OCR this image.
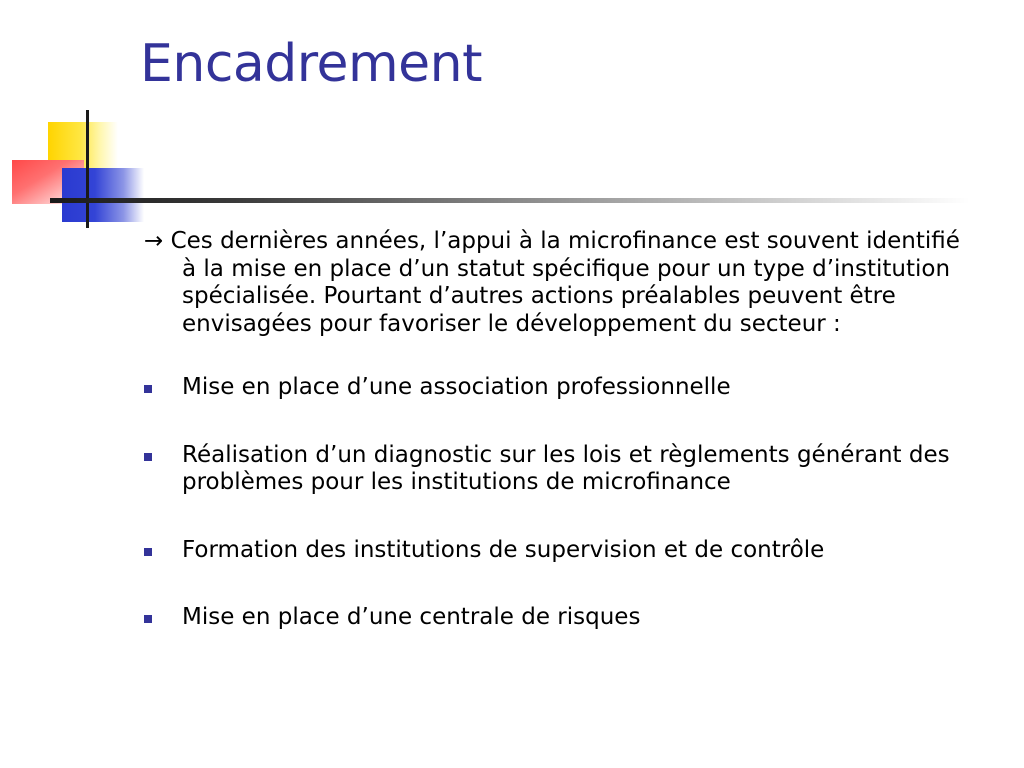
Encadrement

→ Ces dernières années, l’appui à la microfinance est souvent identifié à la mise en place d’un statut spécifique pour un type d’institution spécialisée. Pourtant d’autres actions préalables peuvent être envisagées pour favoriser le développement du secteur :

Mise en place d’une association professionnelle
Réalisation d’un diagnostic sur les lois et règlements générant des problèmes pour les institutions de microfinance
Formation des institutions de supervision et de contrôle
Mise en place d’une centrale de risques
